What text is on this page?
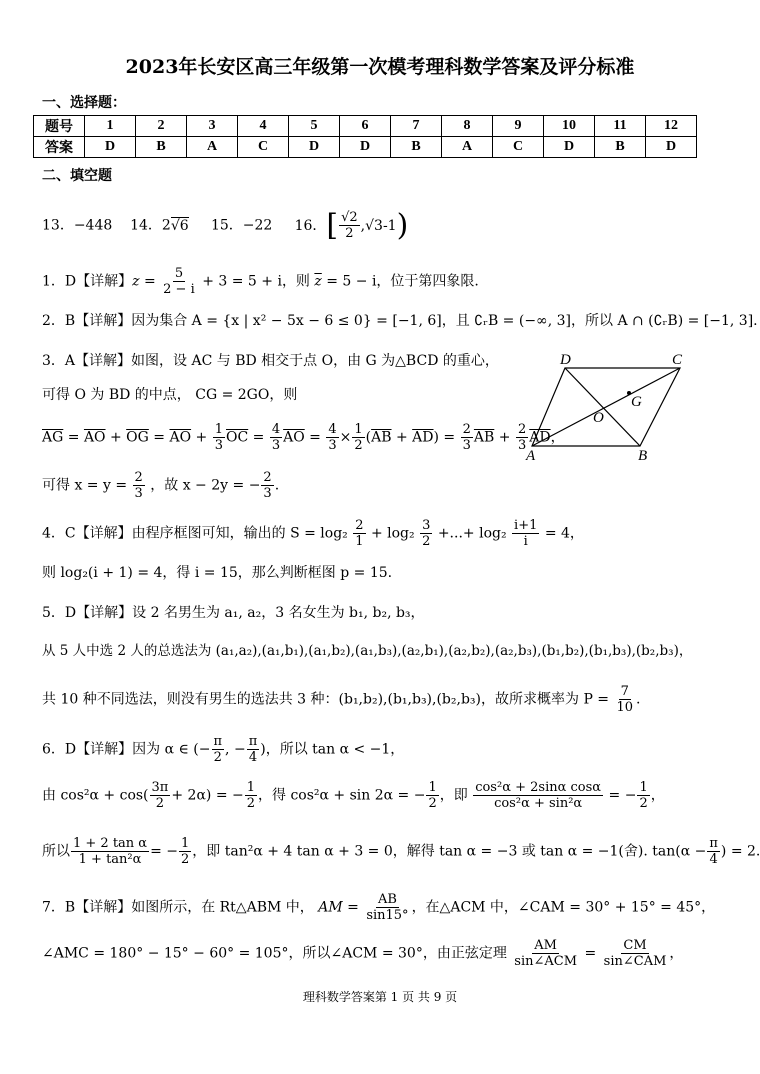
2023年长安区高三年级第一次模考理科数学答案及评分标准
一、选择题：
题号	1	2	3	4	5	6	7	8	9	10	11	12
答案	D	B	A	C	D	D	B	A	C	D	B	D
二、填空题
13．−448 14．2√6 15．−22 16．[ $\frac{√2}{2} ,√3-1$)
1．D【详解】$z = \frac{5}{2 - i} + 3 = 5 + i$，则 $\overline{z} = 5 - i$，位于第四象限.
2．B【详解】因为集合 A = {x | x² − 5x − 6 ≤ 0} = [−1, 6]，且 ∁ᵣB = (−∞, 3]，所以 A ∩ (∁ᵣB) = [−1, 3].
3．A【详解】如图，设 AC 与 BD 相交于点 O，由 G 为△BCD 的重心，
可得 O 为 BD 的中点， CG = 2GO，则
$\overline{AG} = \overline{AO} + \overline{OG} = \overline{AO} + \frac{1}{3} \overline{OC} = \frac{4}{3} \overline{AO} = \frac{4}{3} \times \frac{1}{2} (\overline{AB} + \overline{AD}) = \frac{2}{3} \overline{AB} + \frac{2}{3} \overline{AD}$，
可得 $x = y = \frac{2}{3}$ ，故 x − 2y = − $\frac{2}{3}$ .
D	C
A	B
O
G
4．C【详解】由程序框图可知，输出的 $S = \log_2 \frac{2}{1} + \log_2 \frac{3}{2}$ +...+ $\log_2 \frac{i+1}{i} = 4$，
则 log₂(i + 1) = 4，得 i = 15，那么判断框图 p = 15.
5．D【详解】设 2 名男生为 a₁, a₂，3 名女生为 b₁, b₂, b₃，
从 5 人中选 2 人的总选法为 (a₁,a₂),(a₁,b₁),(a₁,b₂),(a₁,b₃),(a₂,b₁),(a₂,b₂),(a₂,b₃),(b₁,b₂),(b₁,b₃),(b₂,b₃)，
共 10 种不同选法，则没有男生的选法共 3 种：(b₁,b₂),(b₁,b₃),(b₂,b₃)，故所求概率为 $P = \frac{7}{10}$ .
6．D【详解】因为 α ∈ (− $\frac{\pi}{2}$ , − $\frac{\pi}{4}$ )，所以 tan α < −1，
由 $\cos^2\alpha + \cos( \frac{3\pi}{2} + 2\alpha)$ = − $\frac{1}{2}$ ，得 cos²α + sin 2α = − $\frac{1}{2}$ ，即 $\frac{\text{cos²α + 2sinα cosα}}{\text{cos²α + sin²α}}$ = − $\frac{1}{2}$ ，
所以 $\frac{\text{1 + 2 tan α}}{\text{1 + tan²α}}$ = − $\frac{1}{2}$ ，即 tan²α + 4 tan α + 3 = 0，解得 tan α = −3 或 tan α = −1(舍). $\tan(\alpha - \frac{\pi}{4}$ ) = 2.
7．B【详解】如图所示，在 Rt△ABM 中， AM = $\frac{AB}{\sin 15^\circ}$ ，在△ACM 中，∠CAM = 30° + 15° = 45°，
∠AMC = 180° − 15° − 60° = 105°，所以∠ACM = 30°，由正弦定理 $\frac{AM}{\text{sin∠ACM}} = \frac{CM}{\text{sin∠CAM}}$ ，
理科数学答案第 1 页 共 9 页
